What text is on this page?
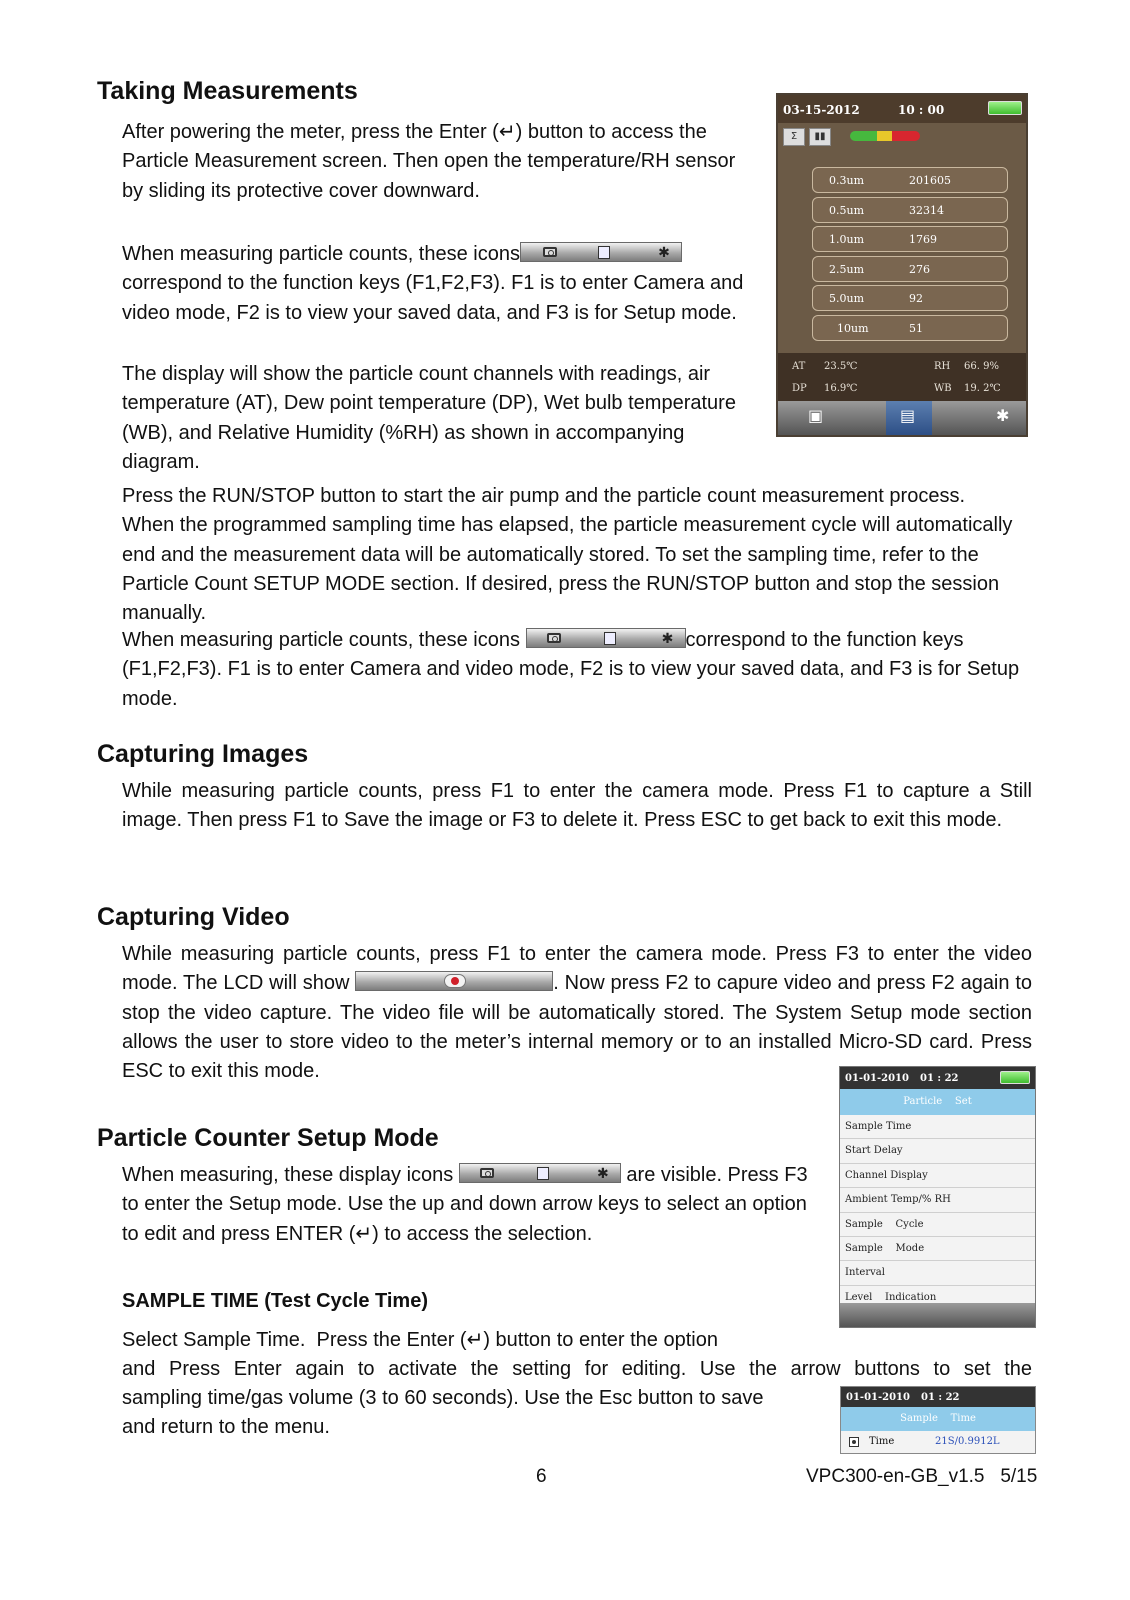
Taking Measurements

After powering the meter, press the Enter (↵) button to access the Particle Measurement screen. Then open the temperature/RH sensor by sliding its protective cover downward.

When measuring particle counts, these icons	✱
correspond to the function keys (F1,F2,F3). F1 is to enter Camera and video mode, F2 is to view your saved data, and F3 is for Setup mode.

The display will show the particle count channels with readings, air temperature (AT), Dew point temperature (DP), Wet bulb temperature (WB), and Relative Humidity (%RH) as shown in accompanying diagram.

Press the RUN/STOP button to start the air pump and the particle count measurement process. When the programmed sampling time has elapsed, the particle measurement cycle will automatically end and the measurement data will be automatically stored. To set the sampling time, refer to the Particle Count SETUP MODE section. If desired, press the RUN/STOP button and stop the session manually.

When measuring particle counts, these icons	✱ correspond to the function keys (F1,F2,F3). F1 is to enter Camera and video mode, F2 is to view your saved data, and F3 is for Setup mode.

03-15-2012	10 : 00
Σ	▮▮
0.3um	201605
0.5um	32314
1.0um	1769
2.5um	276
5.0um	92
10um	51
AT 23.5℃	RH 66. 9%
DP 16.9℃	WB 19. 2℃
▣	▤	✱
Capturing Images

While measuring particle counts, press F1 to enter the camera mode. Press F1 to capture a Still image. Then press F1 to Save the image or F3 to delete it. Press ESC to get back to exit this mode.

Capturing Video

While measuring particle counts, press F1 to enter the camera mode. Press F3 to enter the video mode. The LCD will show	. Now press F2 to capure video and press F2 again to stop the video capture. The video file will be automatically stored. The System Setup mode section allows the user to store video to the meter’s internal memory or to an installed Micro-SD card. Press ESC to exit this mode.	01-01-2010 01 : 22
Particle    Set
Sample Time
Start Delay
Channel Display
Ambient Temp/% RH
Sample    Cycle
Sample    Mode
Interval
Level    Indication
Particle Counter Setup Mode

When measuring, these display icons	✱ are visible. Press F3 to enter the Setup mode. Use the up and down arrow keys to select an option to edit and press ENTER (↵) to access the selection.

SAMPLE TIME (Test Cycle Time)
Select Sample Time.  Press the Enter (↵) button to enter the option
and Press Enter again to activate the setting for editing. Use the arrow buttons to set the
sampling time/gas volume (3 to 60 seconds). Use the Esc button to save
and return to the menu.
01-01-2010 01 : 22
Sample    Time
Time	21S/0.9912L
6	VPC300-en-GB_v1.5   5/15
